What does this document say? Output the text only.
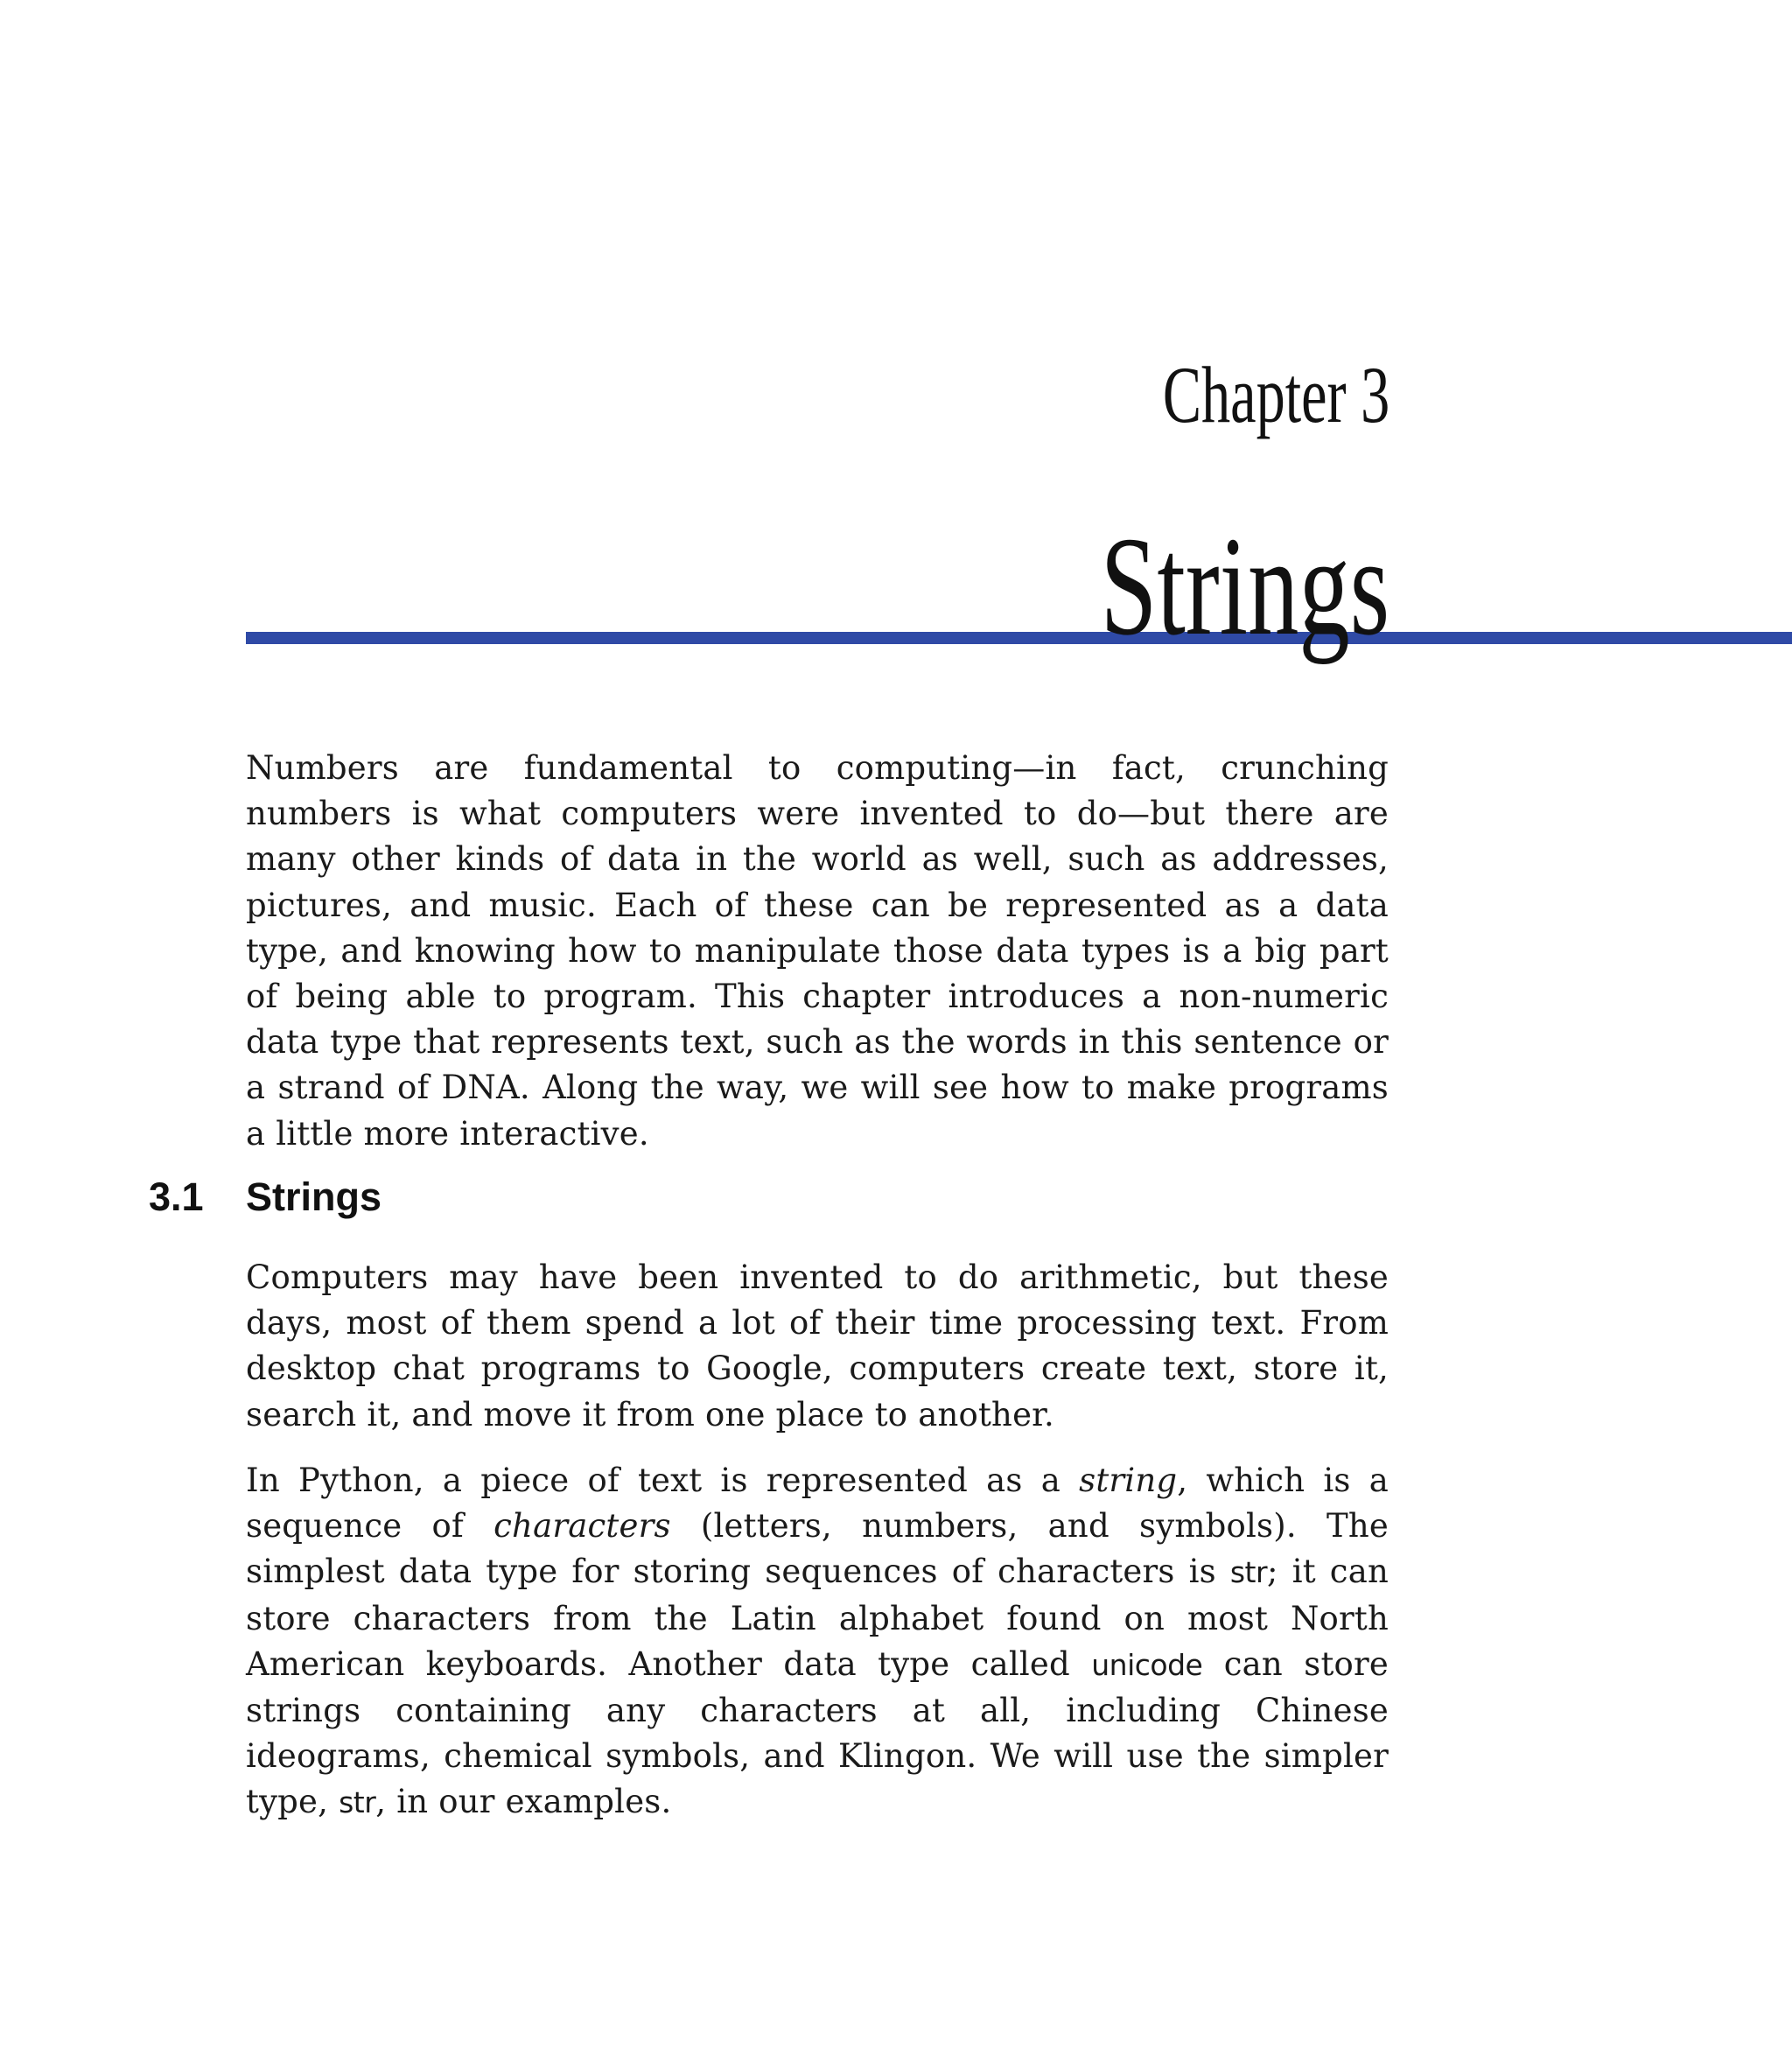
Chapter 3
Strings

Numbers are fundamental to computing—in fact, crunching numbers is what computers were invented to do—but there are many other kinds of data in the world as well, such as addresses, pictures, and music. Each of these can be represented as a data type, and knowing how to manipulate those data types is a big part of being able to program. This chapter introduces a non-numeric data type that represents text, such as the words in this sentence or a strand of DNA. Along the way, we will see how to make programs a little more interactive.

3.1 Strings

Computers may have been invented to do arithmetic, but these days, most of them spend a lot of their time processing text. From desktop chat programs to Google, computers create text, store it, search it, and move it from one place to another.

In Python, a piece of text is represented as a string, which is a sequence of characters (letters, numbers, and symbols). The simplest data type for storing sequences of characters is str; it can store characters from the Latin alphabet found on most North American keyboards. Another data type called unicode can store strings containing any characters at all, including Chinese ideograms, chemical symbols, and Klingon. We will use the simpler type, str, in our examples.
